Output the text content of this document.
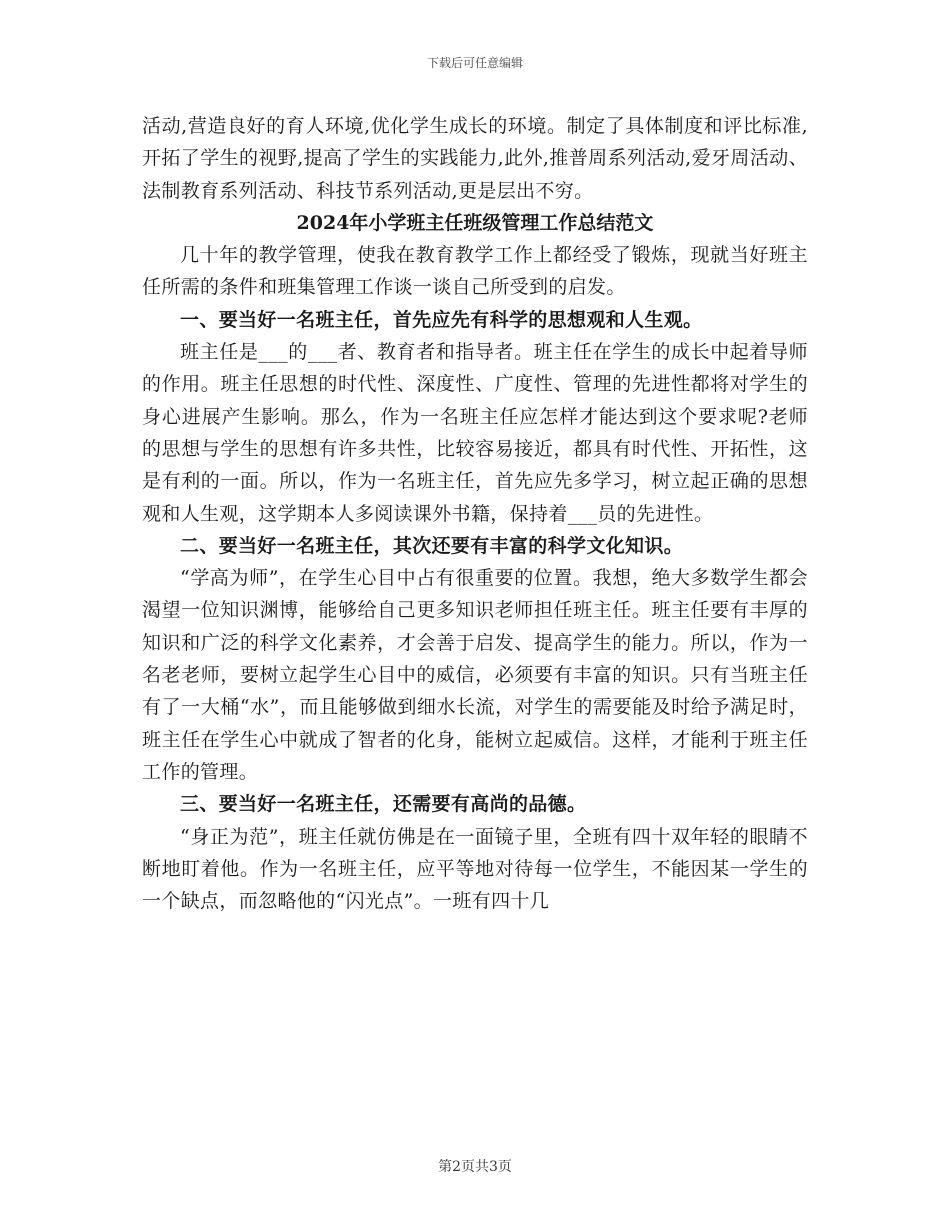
下载后可任意编辑

活动,营造良好的育人环境,优化学生成长的环境。制定了具体制度和评比标准,开拓了学生的视野,提高了学生的实践能力,此外,推普周系列活动,爱牙周活动、法制教育系列活动、科技节系列活动,更是层出不穷。

2024年小学班主任班级管理工作总结范文

几十年的教学管理，使我在教育教学工作上都经受了锻炼，现就当好班主任所需的条件和班集管理工作谈一谈自己所受到的启发。

一、要当好一名班主任，首先应先有科学的思想观和人生观。

班主任是___的___者、教育者和指导者。班主任在学生的成长中起着导师的作用。班主任思想的时代性、深度性、广度性、管理的先进性都将对学生的身心进展产生影响。那么，作为一名班主任应怎样才能达到这个要求呢?老师的思想与学生的思想有许多共性，比较容易接近，都具有时代性、开拓性，这是有利的一面。所以，作为一名班主任，首先应先多学习，树立起正确的思想观和人生观，这学期本人多阅读课外书籍，保持着___员的先进性。

二、要当好一名班主任，其次还要有丰富的科学文化知识。

“学高为师”，在学生心目中占有很重要的位置。我想，绝大多数学生都会渴望一位知识渊博，能够给自己更多知识老师担任班主任。班主任要有丰厚的知识和广泛的科学文化素养，才会善于启发、提高学生的能力。所以，作为一名老老师，要树立起学生心目中的威信，必须要有丰富的知识。只有当班主任有了一大桶“水”，而且能够做到细水长流，对学生的需要能及时给予满足时，班主任在学生心中就成了智者的化身，能树立起威信。这样，才能利于班主任工作的管理。

三、要当好一名班主任，还需要有高尚的品德。

“身正为范”，班主任就仿佛是在一面镜子里，全班有四十双年轻的眼睛不断地盯着他。作为一名班主任，应平等地对待每一位学生，不能因某一学生的一个缺点，而忽略他的“闪光点”。一班有四十几

第2页共3页
